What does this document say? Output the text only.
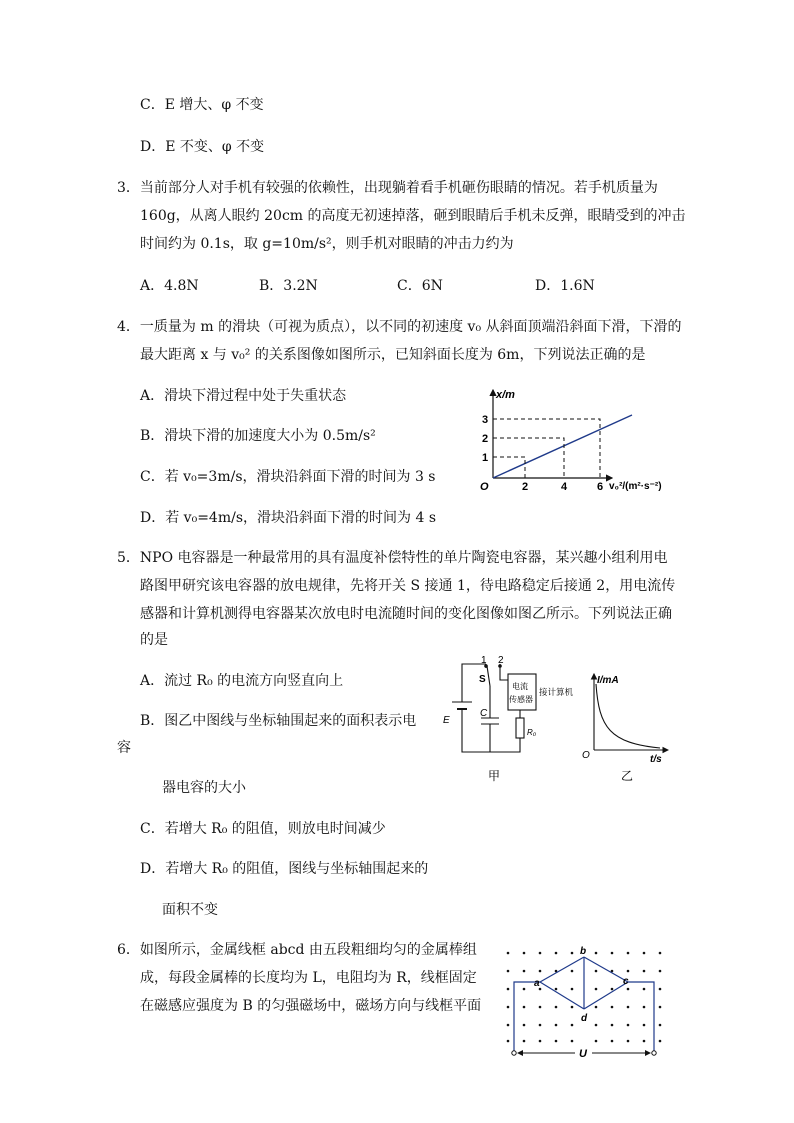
C．E 增大、φ 不变
D．E 不变、φ 不变
3．当前部分人对手机有较强的依赖性，出现躺着看手机砸伤眼睛的情况。若手机质量为
160g，从离人眼约 20cm 的高度无初速掉落，砸到眼睛后手机未反弹，眼睛受到的冲击
时间约为 0.1s，取 g=10m/s²，则手机对眼睛的冲击力约为
A．4.8N	B．3.2N	C．6N	D．1.6N
4．一质量为 m 的滑块（可视为质点），以不同的初速度 v₀ 从斜面顶端沿斜面下滑，下滑的
最大距离 x 与 v₀² 的关系图像如图所示，已知斜面长度为 6m，下列说法正确的是
A．滑块下滑过程中处于失重状态
B．滑块下滑的加速度大小为 0.5m/s²
C．若 v₀=3m/s，滑块沿斜面下滑的时间为 3 s
D．若 v₀=4m/s，滑块沿斜面下滑的时间为 4 s
x/m
O
1
2
3
2	4	6 v₀²/(m²·s⁻²)
5．NPO 电容器是一种最常用的具有温度补偿特性的单片陶瓷电容器，某兴趣小组利用电
路图甲研究该电容器的放电规律，先将开关 S 接通 1，待电路稳定后接通 2，用电流传
感器和计算机测得电容器某次放电时电流随时间的变化图像如图乙所示。下列说法正确
的是
A．流过 R₀ 的电流方向竖直向上
B．图乙中图线与坐标轴围起来的面积表示电
容
器电容的大小
C．若增大 R₀ 的阻值，则放电时间减少
D．若增大 R₀ 的阻值，图线与坐标轴围起来的
面积不变
1 2
S
电流
传感器
接计算机
E
C
R₀
甲
I/mA
O	t/s
乙
6．如图所示，金属线框 abcd 由五段粗细均匀的金属棒组
成，每段金属棒的长度均为 L，电阻均为 R，线框固定
在磁感应强度为 B 的匀强磁场中，磁场方向与线框平面
U
a
b
c
d
